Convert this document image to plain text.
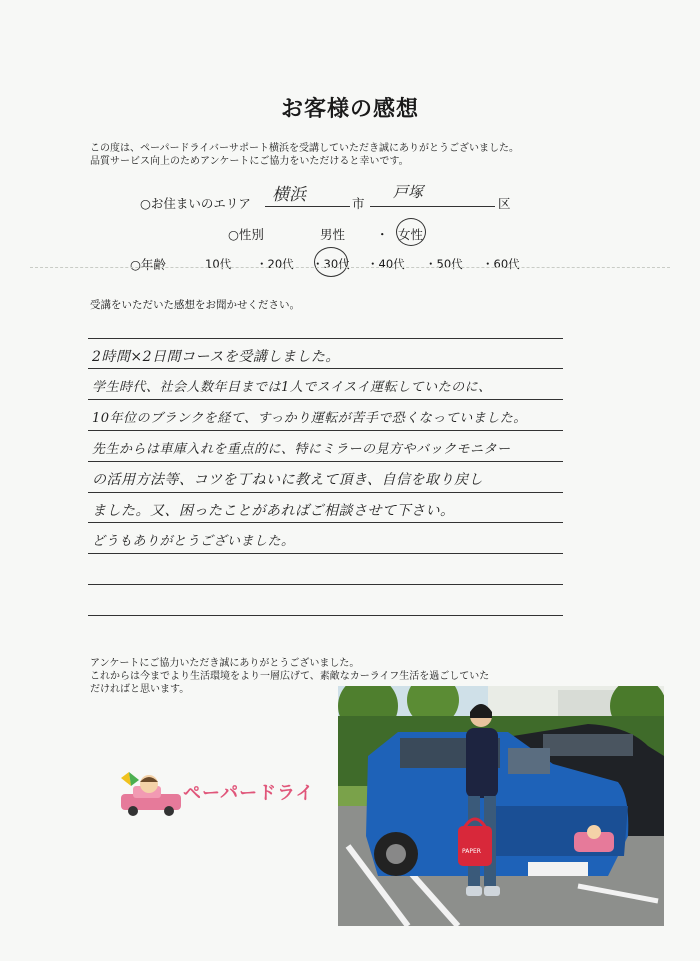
お客様の感想
この度は、ペーパードライバーサポート横浜を受講していただき誠にありがとうございました。
品質サービス向上のためアンケートにご協力をいただけると幸いです。
○お住まいのエリア 横浜	市
戸塚
区
○性別	男性 ・ 女性
○年齢	10代 ・20代 ・30代 ・40代 ・50代 ・60代
受講をいただいた感想をお聞かせください。
2時間×2日間コースを受講しました。
学生時代、社会人数年目までは1人でスイスイ運転していたのに、
10年位のブランクを経て、すっかり運転が苦手で恐くなっていました。
先生からは車庫入れを重点的に、特にミラーの見方やバックモニター
の活用方法等、コツを丁ねいに教えて頂き、自信を取り戻し
ました。又、困ったことがあればご相談させて下さい。
どうもありがとうございました。
アンケートにご協力いただき誠にありがとうございました。
これからは今までより生活環境をより一層広げて、素敵なカーライフ生活を過ごしていた
だければと思います。
ペーパードライ
PAPER
